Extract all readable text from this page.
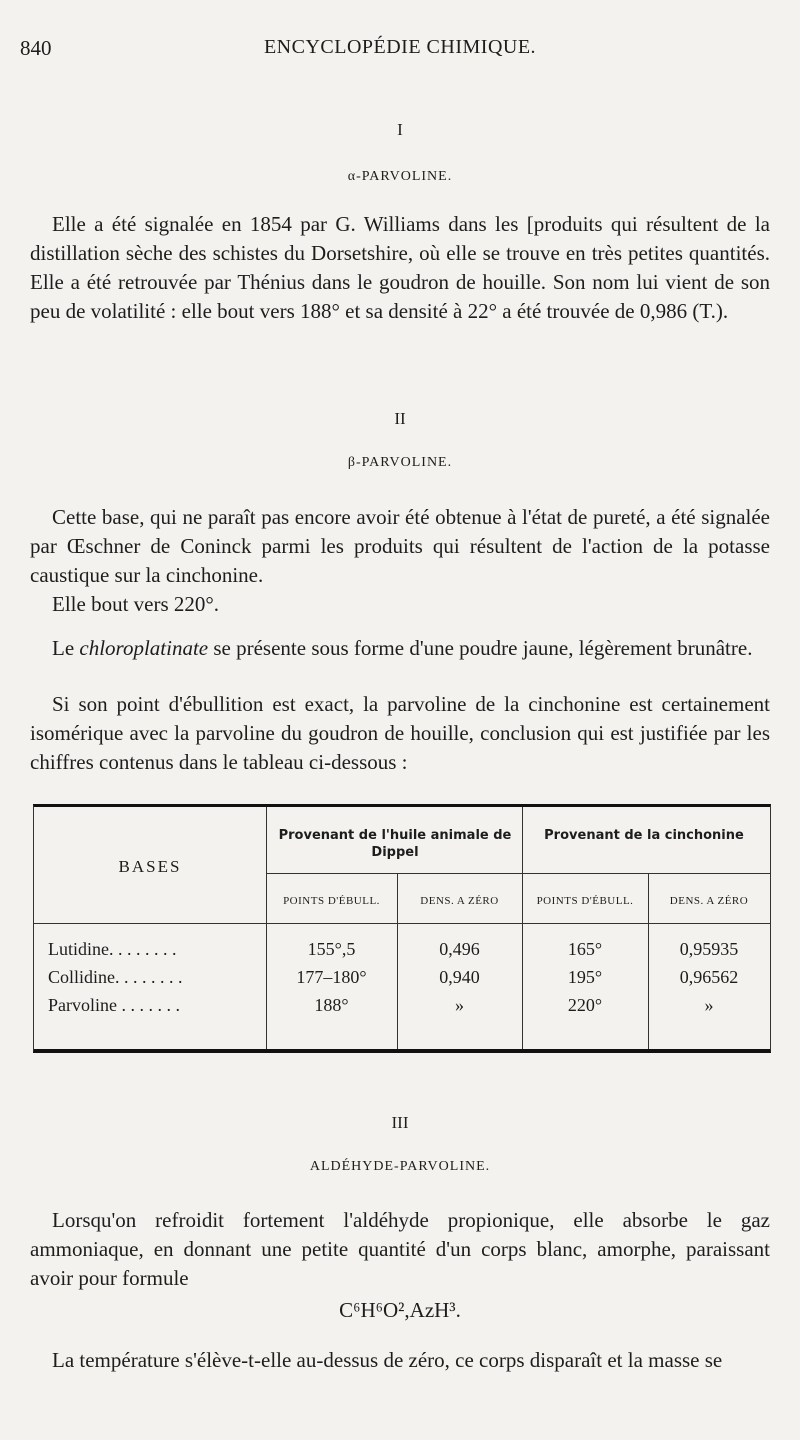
840	ENCYCLOPÉDIE CHIMIQUE.
I
α-PARVOLINE.

Elle a été signalée en 1854 par G. Williams dans les [produits qui résultent de la distillation sèche des schistes du Dorsetshire, où elle se trouve en très petites quantités. Elle a été retrouvée par Thénius dans le goudron de houille. Son nom lui vient de son peu de volatilité : elle bout vers 188° et sa densité à 22° a été trouvée de 0,986 (T.).

II
β-PARVOLINE.

Cette base, qui ne paraît pas encore avoir été obtenue à l'état de pureté, a été signalée par Œschner de Coninck parmi les produits qui résultent de l'action de la potasse caustique sur la cinchonine.

Elle bout vers 220°.

Le chloroplatinate se présente sous forme d'une poudre jaune, légèrement brunâtre.

Si son point d'ébullition est exact, la parvoline de la cinchonine est certainement isomérique avec la parvoline du goudron de houille, conclusion qui est justifiée par les chiffres contenus dans le tableau ci-dessous :

BASES
Provenant de l'huile animale de Dippel
Provenant de la cinchonine
POINTS D'ÉBULL.	DENS. A ZÉRO	POINTS D'ÉBULL.	DENS. A ZÉRO
Lutidine. . . . . . . .	155°,5	0,496	165°	0,95935
Collidine. . . . . . . .	177–180°	0,940	195°	0,96562
Parvoline . . . . . . .	188°	»	220°	»
III
ALDÉHYDE-PARVOLINE.

Lorsqu'on refroidit fortement l'aldéhyde propionique, elle absorbe le gaz ammoniaque, en donnant une petite quantité d'un corps blanc, amorphe, paraissant avoir pour formule

C⁶H⁶O²,AzH³.

La température s'élève-t-elle au-dessus de zéro, ce corps disparaît et la masse se
